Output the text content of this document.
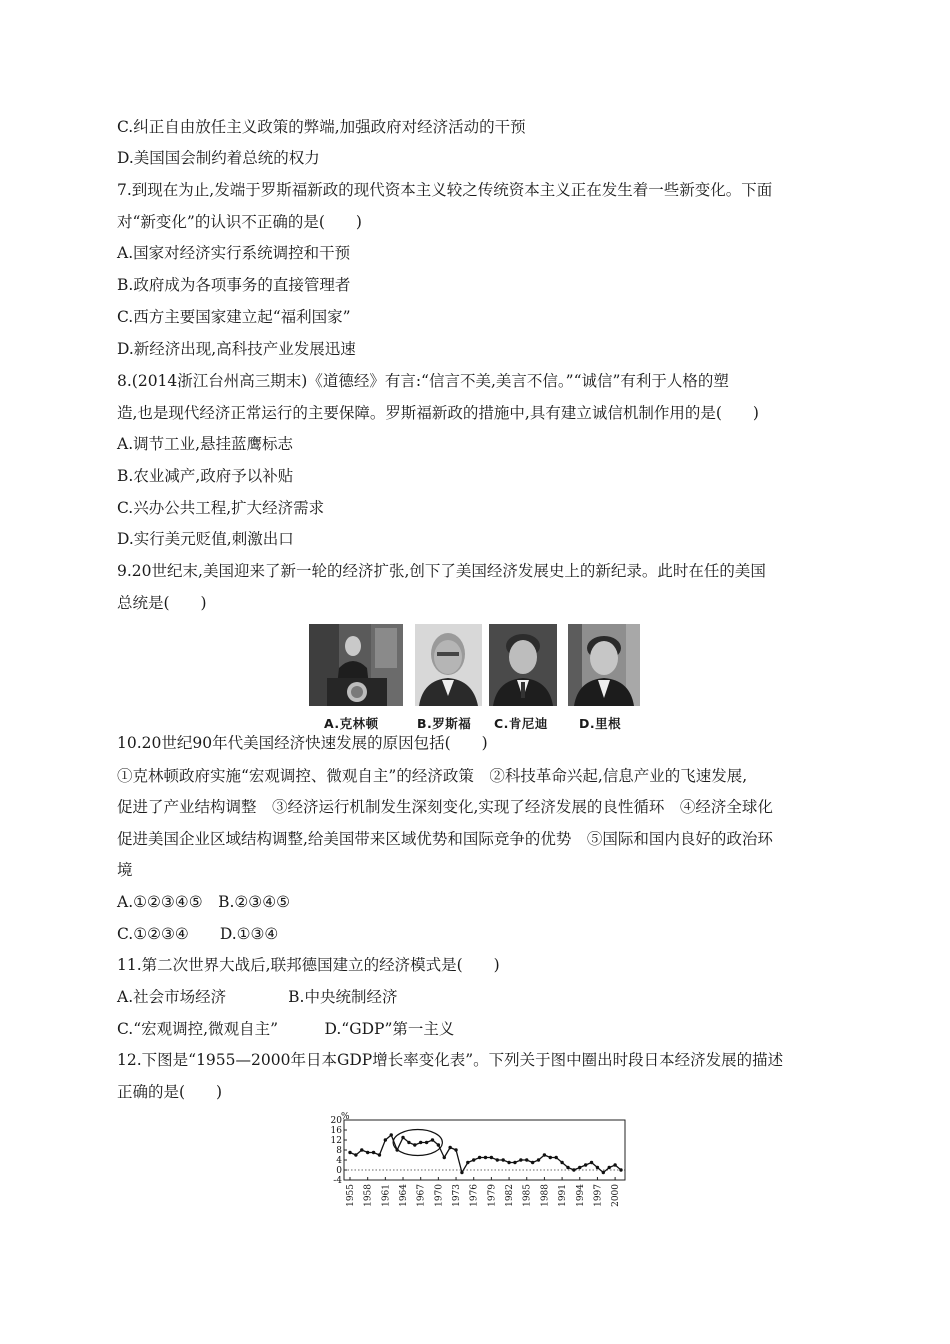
C.纠正自由放任主义政策的弊端,加强政府对经济活动的干预
D.美国国会制约着总统的权力
7.到现在为止,发端于罗斯福新政的现代资本主义较之传统资本主义正在发生着一些新变化。下面
对“新变化”的认识不正确的是(　　)
A.国家对经济实行系统调控和干预
B.政府成为各项事务的直接管理者
C.西方主要国家建立起“福利国家”
D.新经济出现,高科技产业发展迅速
8.(2014浙江台州高三期末)《道德经》有言:“信言不美,美言不信。”“诚信”有利于人格的塑
造,也是现代经济正常运行的主要保障。罗斯福新政的措施中,具有建立诚信机制作用的是(　　)
A.调节工业,悬挂蓝鹰标志
B.农业减产,政府予以补贴
C.兴办公共工程,扩大经济需求
D.实行美元贬值,刺激出口
9.20世纪末,美国迎来了新一轮的经济扩张,创下了美国经济发展史上的新纪录。此时在任的美国
总统是(　　)
10.20世纪90年代美国经济快速发展的原因包括(　　)
①克林顿政府实施“宏观调控、微观自主”的经济政策　②科技革命兴起,信息产业的飞速发展,
促进了产业结构调整　③经济运行机制发生深刻变化,实现了经济发展的良性循环　④经济全球化
促进美国企业区域结构调整,给美国带来区域优势和国际竞争的优势　⑤国际和国内良好的政治环
境
A.①②③④⑤　B.②③④⑤
C.①②③④　　D.①③④
11.第二次世界大战后,联邦德国建立的经济模式是(　　)
A.社会市场经济　　　　B.中央统制经济
C.“宏观调控,微观自主”　　　D.“GDP”第一主义
12.下图是“1955—2000年日本GDP增长率变化表”。下列关于图中圈出时段日本经济发展的描述
正确的是(　　)
A.克林顿	B.罗斯福 C.肯尼迪 D.里根
-4
0
4
8
12
16
20 %
1955 1958 1961 1964 1967 1970 1973 1976 1979 1982 1985 1988 1991 1994 1997 2000
